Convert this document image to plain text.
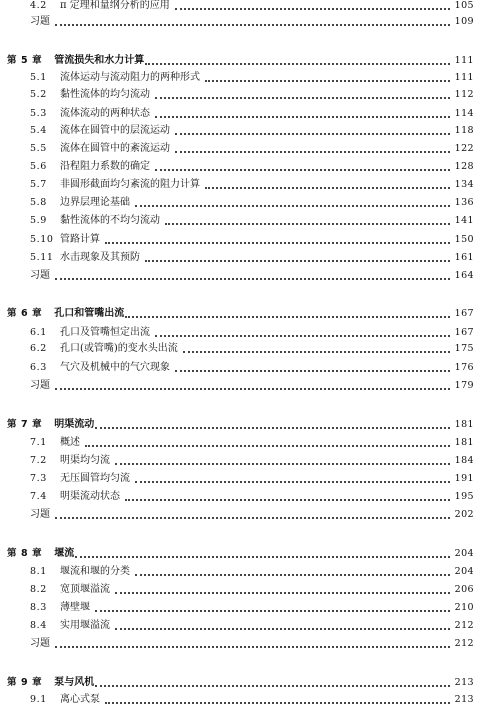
4.2	π 定理和量纲分析的应用	105
习题	109
第 5 章 管流损失和水力计算	111
5.1	流体运动与流动阻力的两种形式	111
5.2	黏性流体的均匀流动	112
5.3	流体流动的两种状态	114
5.4	流体在圆管中的层流运动	118
5.5	流体在圆管中的紊流运动	122
5.6	沿程阻力系数的确定	128
5.7	非圆形截面均匀紊流的阻力计算	134
5.8	边界层理论基础	136
5.9	黏性流体的不均匀流动	141
5.10 管路计算	150
5.11 水击现象及其预防	161
习题	164
第 6 章 孔口和管嘴出流	167
6.1	孔口及管嘴恒定出流	167
6.2	孔口(或管嘴)的变水头出流	175
6.3	气穴及机械中的气穴现象	176
习题	179
第 7 章 明渠流动	181
7.1	概述	181
7.2	明渠均匀流	184
7.3	无压圆管均匀流	191
7.4	明渠流动状态	195
习题	202
第 8 章 堰流	204
8.1	堰流和堰的分类	204
8.2	宽顶堰溢流	206
8.3	薄壁堰	210
8.4	实用堰溢流	212
习题	212
第 9 章 泵与风机	213
9.1	离心式泵	213
